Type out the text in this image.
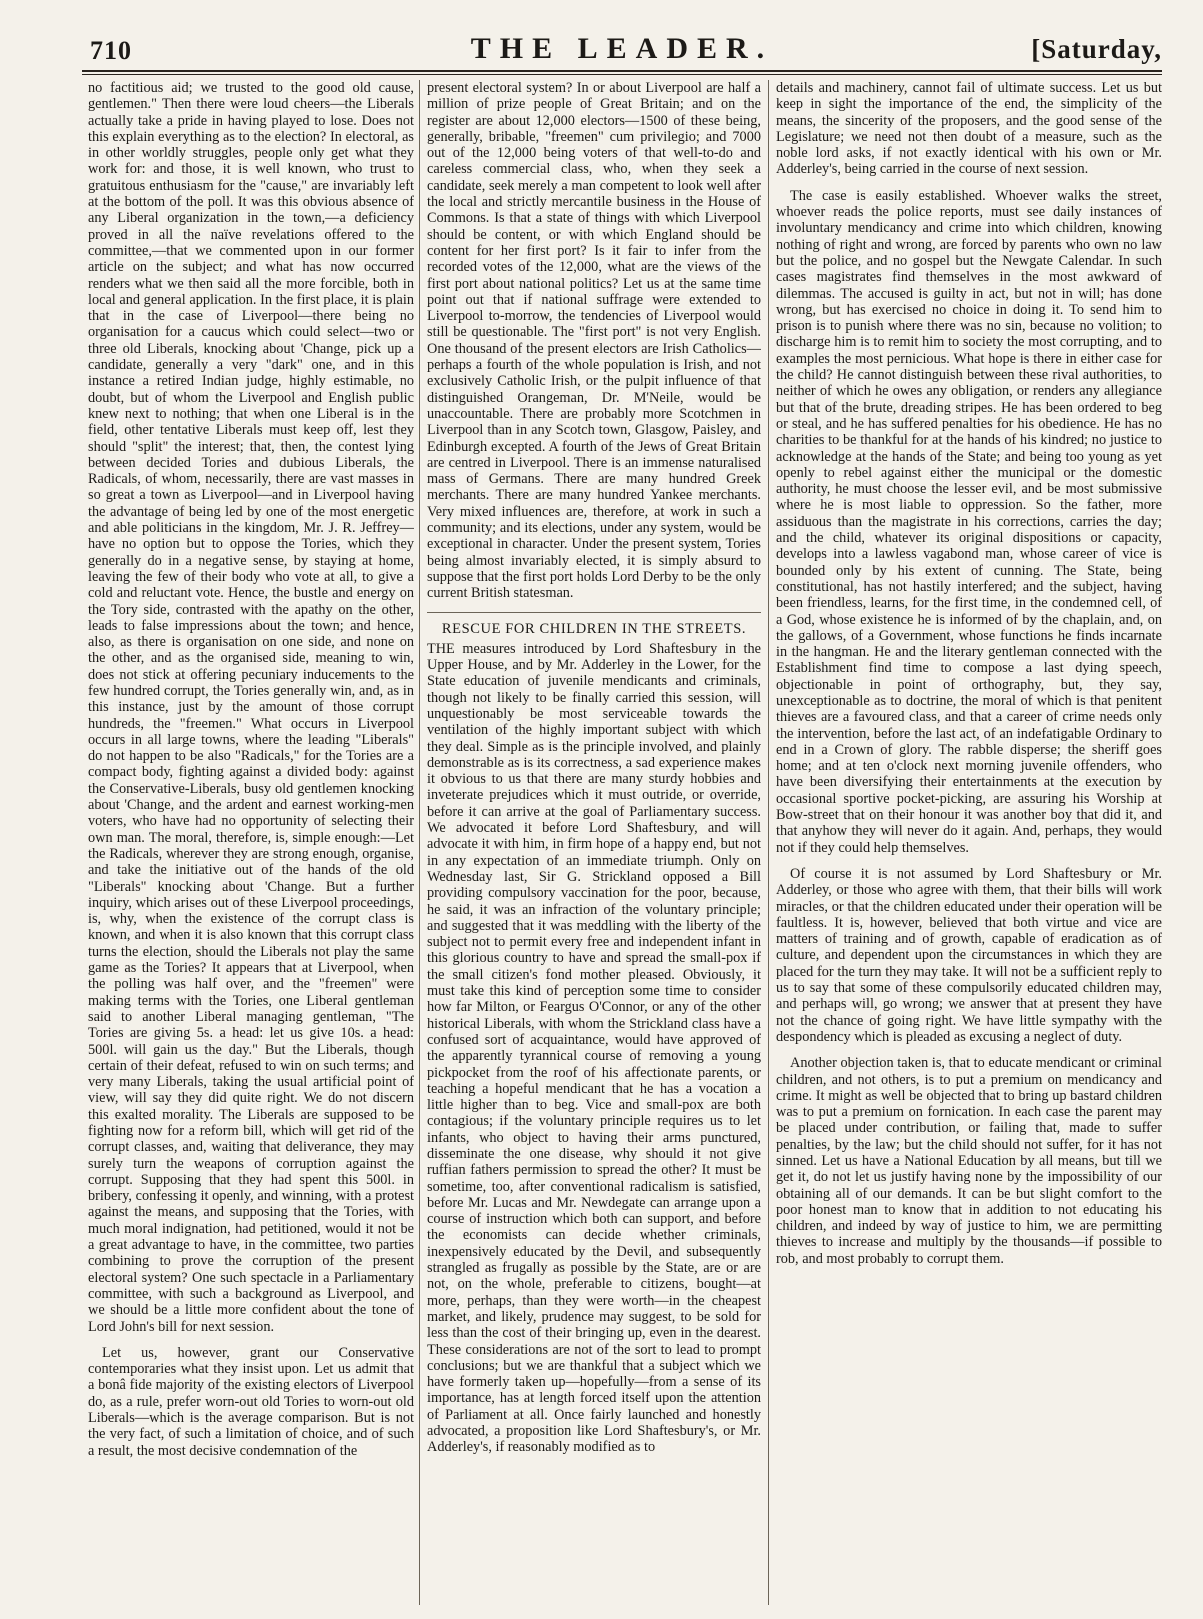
710	THE LEADER.	[Saturday,

no factitious aid; we trusted to the good old cause, gentlemen." Then there were loud cheers—the Liberals actually take a pride in having played to lose. Does not this explain everything as to the election? In electoral, as in other worldly struggles, people only get what they work for: and those, it is well known, who trust to gratuitous enthusiasm for the "cause," are invariably left at the bottom of the poll. It was this obvious absence of any Liberal organization in the town,—a deficiency proved in all the naïve revelations offered to the committee,—that we commented upon in our former article on the subject; and what has now occurred renders what we then said all the more forcible, both in local and general application. In the first place, it is plain that in the case of Liverpool—there being no organisation for a caucus which could select—two or three old Liberals, knocking about 'Change, pick up a candidate, generally a very "dark" one, and in this instance a retired Indian judge, highly estimable, no doubt, but of whom the Liverpool and English public knew next to nothing; that when one Liberal is in the field, other tentative Liberals must keep off, lest they should "split" the interest; that, then, the contest lying between decided Tories and dubious Liberals, the Radicals, of whom, necessarily, there are vast masses in so great a town as Liverpool—and in Liverpool having the advantage of being led by one of the most energetic and able politicians in the kingdom, Mr. J. R. Jeffrey—have no option but to oppose the Tories, which they generally do in a negative sense, by staying at home, leaving the few of their body who vote at all, to give a cold and reluctant vote. Hence, the bustle and energy on the Tory side, contrasted with the apathy on the other, leads to false impressions about the town; and hence, also, as there is organisation on one side, and none on the other, and as the organised side, meaning to win, does not stick at offering pecuniary inducements to the few hundred corrupt, the Tories generally win, and, as in this instance, just by the amount of those corrupt hundreds, the "freemen." What occurs in Liverpool occurs in all large towns, where the leading "Liberals" do not happen to be also "Radicals," for the Tories are a compact body, fighting against a divided body: against the Conservative-Liberals, busy old gentlemen knocking about 'Change, and the ardent and earnest working-men voters, who have had no opportunity of selecting their own man. The moral, therefore, is, simple enough:—Let the Radicals, wherever they are strong enough, organise, and take the initiative out of the hands of the old "Liberals" knocking about 'Change. But a further inquiry, which arises out of these Liverpool proceedings, is, why, when the existence of the corrupt class is known, and when it is also known that this corrupt class turns the election, should the Liberals not play the same game as the Tories? It appears that at Liverpool, when the polling was half over, and the "freemen" were making terms with the Tories, one Liberal gentleman said to another Liberal managing gentleman, "The Tories are giving 5s. a head: let us give 10s. a head: 500l. will gain us the day." But the Liberals, though certain of their defeat, refused to win on such terms; and very many Liberals, taking the usual artificial point of view, will say they did quite right. We do not discern this exalted morality. The Liberals are supposed to be fighting now for a reform bill, which will get rid of the corrupt classes, and, waiting that deliverance, they may surely turn the weapons of corruption against the corrupt. Supposing that they had spent this 500l. in bribery, confessing it openly, and winning, with a protest against the means, and supposing that the Tories, with much moral indignation, had petitioned, would it not be a great advantage to have, in the committee, two parties combining to prove the corruption of the present electoral system? One such spectacle in a Parliamentary committee, with such a background as Liverpool, and we should be a little more confident about the tone of Lord John's bill for next session.

Let us, however, grant our Conservative contemporaries what they insist upon. Let us admit that a bonâ fide majority of the existing electors of Liverpool do, as a rule, prefer worn-out old Tories to worn-out old Liberals—which is the average comparison. But is not the very fact, of such a limitation of choice, and of such a result, the most decisive condemnation of the

present electoral system? In or about Liverpool are half a million of prize people of Great Britain; and on the register are about 12,000 electors—1500 of these being, generally, bribable, "freemen" cum privilegio; and 7000 out of the 12,000 being voters of that well-to-do and careless commercial class, who, when they seek a candidate, seek merely a man competent to look well after the local and strictly mercantile business in the House of Commons. Is that a state of things with which Liverpool should be content, or with which England should be content for her first port? Is it fair to infer from the recorded votes of the 12,000, what are the views of the first port about national politics? Let us at the same time point out that if national suffrage were extended to Liverpool to-morrow, the tendencies of Liverpool would still be questionable. The "first port" is not very English. One thousand of the present electors are Irish Catholics—perhaps a fourth of the whole population is Irish, and not exclusively Catholic Irish, or the pulpit influence of that distinguished Orangeman, Dr. M'Neile, would be unaccountable. There are probably more Scotchmen in Liverpool than in any Scotch town, Glasgow, Paisley, and Edinburgh excepted. A fourth of the Jews of Great Britain are centred in Liverpool. There is an immense naturalised mass of Germans. There are many hundred Greek merchants. There are many hundred Yankee merchants. Very mixed influences are, therefore, at work in such a community; and its elections, under any system, would be exceptional in character. Under the present system, Tories being almost invariably elected, it is simply absurd to suppose that the first port holds Lord Derby to be the only current British statesman.

RESCUE FOR CHILDREN IN THE STREETS.

THE measures introduced by Lord Shaftesbury in the Upper House, and by Mr. Adderley in the Lower, for the State education of juvenile mendicants and criminals, though not likely to be finally carried this session, will unquestionably be most serviceable towards the ventilation of the highly important subject with which they deal. Simple as is the principle involved, and plainly demonstrable as is its correctness, a sad experience makes it obvious to us that there are many sturdy hobbies and inveterate prejudices which it must outride, or override, before it can arrive at the goal of Parliamentary success. We advocated it before Lord Shaftesbury, and will advocate it with him, in firm hope of a happy end, but not in any expectation of an immediate triumph. Only on Wednesday last, Sir G. Strickland opposed a Bill providing compulsory vaccination for the poor, because, he said, it was an infraction of the voluntary principle; and suggested that it was meddling with the liberty of the subject not to permit every free and independent infant in this glorious country to have and spread the small-pox if the small citizen's fond mother pleased. Obviously, it must take this kind of perception some time to consider how far Milton, or Feargus O'Connor, or any of the other historical Liberals, with whom the Strickland class have a confused sort of acquaintance, would have approved of the apparently tyrannical course of removing a young pickpocket from the roof of his affectionate parents, or teaching a hopeful mendicant that he has a vocation a little higher than to beg. Vice and small-pox are both contagious; if the voluntary principle requires us to let infants, who object to having their arms punctured, disseminate the one disease, why should it not give ruffian fathers permission to spread the other? It must be sometime, too, after conventional radicalism is satisfied, before Mr. Lucas and Mr. Newdegate can arrange upon a course of instruction which both can support, and before the economists can decide whether criminals, inexpensively educated by the Devil, and subsequently strangled as frugally as possible by the State, are or are not, on the whole, preferable to citizens, bought—at more, perhaps, than they were worth—in the cheapest market, and likely, prudence may suggest, to be sold for less than the cost of their bringing up, even in the dearest. These considerations are not of the sort to lead to prompt conclusions; but we are thankful that a subject which we have formerly taken up—hopefully—from a sense of its importance, has at length forced itself upon the attention of Parliament at all. Once fairly launched and honestly advocated, a proposition like Lord Shaftesbury's, or Mr. Adderley's, if reasonably modified as to

details and machinery, cannot fail of ultimate success. Let us but keep in sight the importance of the end, the simplicity of the means, the sincerity of the proposers, and the good sense of the Legislature; we need not then doubt of a measure, such as the noble lord asks, if not exactly identical with his own or Mr. Adderley's, being carried in the course of next session.

The case is easily established. Whoever walks the street, whoever reads the police reports, must see daily instances of involuntary mendicancy and crime into which children, knowing nothing of right and wrong, are forced by parents who own no law but the police, and no gospel but the Newgate Calendar. In such cases magistrates find themselves in the most awkward of dilemmas. The accused is guilty in act, but not in will; has done wrong, but has exercised no choice in doing it. To send him to prison is to punish where there was no sin, because no volition; to discharge him is to remit him to society the most corrupting, and to examples the most pernicious. What hope is there in either case for the child? He cannot distinguish between these rival authorities, to neither of which he owes any obligation, or renders any allegiance but that of the brute, dreading stripes. He has been ordered to beg or steal, and he has suffered penalties for his obedience. He has no charities to be thankful for at the hands of his kindred; no justice to acknowledge at the hands of the State; and being too young as yet openly to rebel against either the municipal or the domestic authority, he must choose the lesser evil, and be most submissive where he is most liable to oppression. So the father, more assiduous than the magistrate in his corrections, carries the day; and the child, whatever its original dispositions or capacity, develops into a lawless vagabond man, whose career of vice is bounded only by his extent of cunning. The State, being constitutional, has not hastily interfered; and the subject, having been friendless, learns, for the first time, in the condemned cell, of a God, whose existence he is informed of by the chaplain, and, on the gallows, of a Government, whose functions he finds incarnate in the hangman. He and the literary gentleman connected with the Establishment find time to compose a last dying speech, objectionable in point of orthography, but, they say, unexceptionable as to doctrine, the moral of which is that penitent thieves are a favoured class, and that a career of crime needs only the intervention, before the last act, of an indefatigable Ordinary to end in a Crown of glory. The rabble disperse; the sheriff goes home; and at ten o'clock next morning juvenile offenders, who have been diversifying their entertainments at the execution by occasional sportive pocket-picking, are assuring his Worship at Bow-street that on their honour it was another boy that did it, and that anyhow they will never do it again. And, perhaps, they would not if they could help themselves.

Of course it is not assumed by Lord Shaftesbury or Mr. Adderley, or those who agree with them, that their bills will work miracles, or that the children educated under their operation will be faultless. It is, however, believed that both virtue and vice are matters of training and of growth, capable of eradication as of culture, and dependent upon the circumstances in which they are placed for the turn they may take. It will not be a sufficient reply to us to say that some of these compulsorily educated children may, and perhaps will, go wrong; we answer that at present they have not the chance of going right. We have little sympathy with the despondency which is pleaded as excusing a neglect of duty.

Another objection taken is, that to educate mendicant or criminal children, and not others, is to put a premium on mendicancy and crime. It might as well be objected that to bring up bastard children was to put a premium on fornication. In each case the parent may be placed under contribution, or failing that, made to suffer penalties, by the law; but the child should not suffer, for it has not sinned. Let us have a National Education by all means, but till we get it, do not let us justify having none by the impossibility of our obtaining all of our demands. It can be but slight comfort to the poor honest man to know that in addition to not educating his children, and indeed by way of justice to him, we are permitting thieves to increase and multiply by the thousands—if possible to rob, and most probably to corrupt them.
